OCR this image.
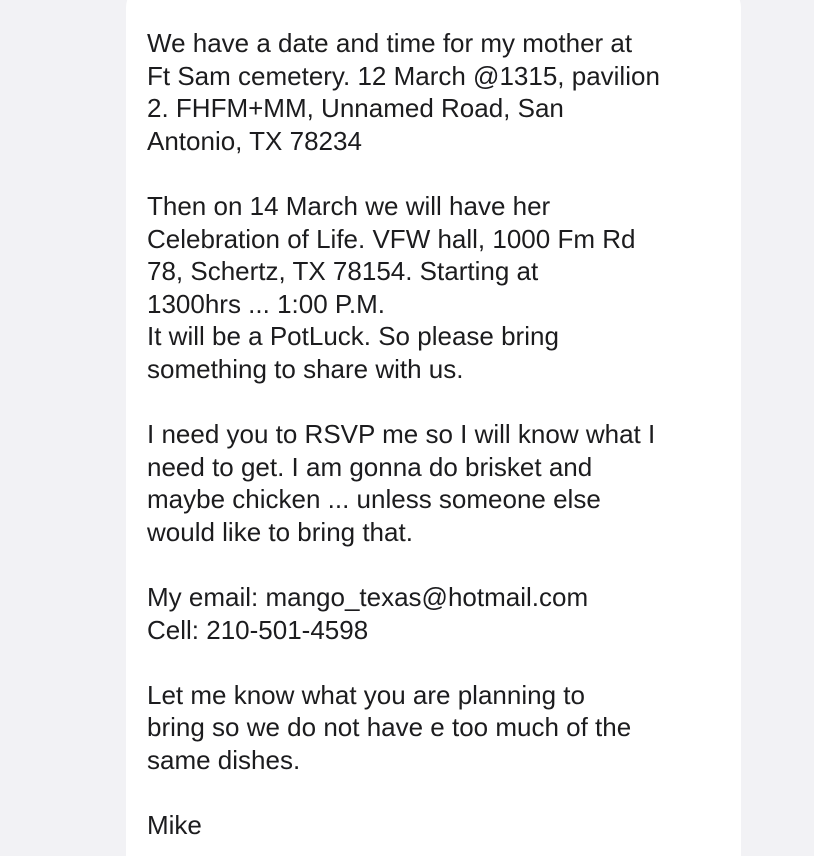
We have a date and time for my mother at
Ft Sam cemetery. 12 March @1315, pavilion
2. FHFM+MM, Unnamed Road, San
Antonio, TX 78234
Then on 14 March we will have her
Celebration of Life. VFW hall, 1000 Fm Rd
78, Schertz, TX 78154. Starting at
1300hrs ... 1:00 P.M.
It will be a PotLuck. So please bring
something to share with us.
I need you to RSVP me so I will know what I
need to get. I am gonna do brisket and
maybe chicken ... unless someone else
would like to bring that.
My email: mango_texas@hotmail.com
Cell: 210-501-4598
Let me know what you are planning to
bring so we do not have e too much of the
same dishes.
Mike
